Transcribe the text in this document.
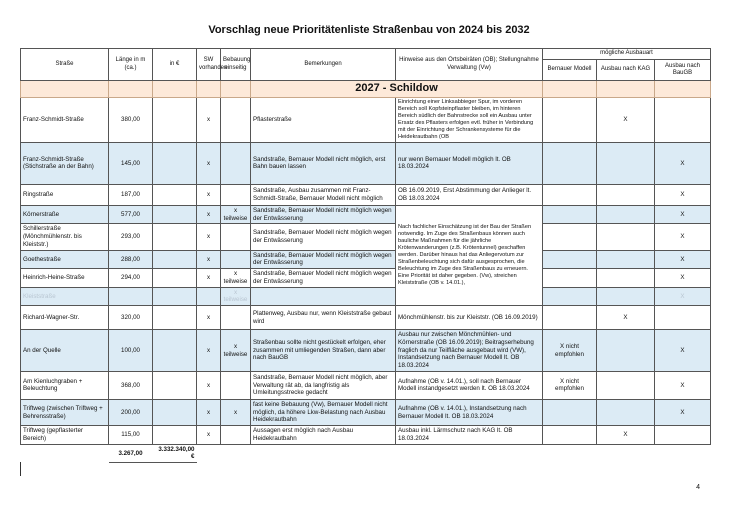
Vorschlag neue Prioritätenliste Straßenbau von 2024 bis 2032
Straße	Länge in m (ca.)	in €	SW vorhanden	Bebauung einseitig	Bemerkungen	Hinweise aus den Ortsbeiräten (OB); Stellungnahme Verwaltung (Vw)	mögliche Ausbauart		
							Bernauer Modell	Ausbau nach KAG	Ausbau nach BauGB
					2027 - Schildow				
Franz-Schmidt-Straße	380,00		x		Pflasterstraße	Einrichtung einer Linksabbieger Spur, im vorderen Bereich soll Kopfsteinpflaster bleiben, im hinteren Bereich südlich der Bahnstrecke soll ein Ausbau unter Ersatz des Pflasters erfolgen evtl. früher in Verbindung mit der Einrichtung der Schrankensysteme für die Heidekrautbahn (OB		X	
Franz-Schmidt-Straße (Stichstraße an der Bahn)	145,00		x		Sandstraße, Bernauer Modell nicht möglich, erst Bahn bauen lassen	nur wenn Bernauer Modell möglich lt. OB 18.03.2024			X
Ringstraße	187,00		x		Sandstraße, Ausbau zusammen mit Franz-Schmidt-Straße, Bernauer Modell nicht möglich	OB 16.09.2019, Erst Abstimmung der Anlieger lt. OB 18.03.2024			X
Körnerstraße	577,00		x	x teilweise	Sandstraße, Bernauer Modell nicht möglich wegen der Entwässerung	Nach fachlicher Einschätzung ist der Bau der Straßen notwendig. Im Zuge des Straßenbaus können auch bauliche Maßnahmen für die jährliche Krötenwanderungen (z.B. Krötentunnel) geschaffen werden. Darüber hinaus hat das Anliegervotum zur Straßenbeleuchtung sich dafür ausgesprochen, die Beleuchtung im Zuge des Straßenbaus zu erneuern. Eine Priorität ist daher gegeben. (Vw), streichen Kleiststraße (OB v. 14.01.),			X
Schillerstraße (Mönchmühlenstr. bis Kleiststr.)	293,00		x		Sandstraße, Bernauer Modell nicht möglich wegen der Entwässerung				X
Goethestraße	288,00		x		Sandstraße, Bernauer Modell nicht möglich wegen der Entwässerung				X
Heinrich-Heine-Straße	294,00		x	x teilweise	Sandstraße, Bernauer Modell nicht möglich wegen der Entwässerung				X
Kleiststraße				x teilweise					X
Richard-Wagner-Str.	320,00		x		Plattenweg, Ausbau nur, wenn Kleiststraße gebaut wird	Mönchmühlenstr. bis zur Kleiststr. (OB 16.09.2019)		X	
An der Quelle	100,00		x	x teilweise	Straßenbau sollte nicht gestückelt erfolgen, eher zusammen mit umliegenden Straßen, dann aber nach BauGB	Ausbau nur zwischen Mönchmühlen- und Körnerstraße (OB 16.09.2019); Beitragserhebung fraglich da nur Teilfläche ausgebaut wird (VW), Instandsetzung nach Bernauer Modell lt. OB 18.03.2024	X nicht empfohlen		X
Am Kienluchgraben + Beleuchtung	368,00		x		Sandstraße, Bernauer Modell nicht möglich, aber Verwaltung rät ab, da langfristig als Umleitungsstrecke gedacht	Aufnahme (OB v. 14.01.), soll nach Bernauer Modell instandgesetzt werden lt. OB 18.03.2024	X nicht empfohlen		X
Triftweg (zwischen Triftweg + Behrensstraße)	200,00		x	x	fast keine Bebauung (Vw), Bernauer Modell nicht möglich, da höhere Lkw-Belastung nach Ausbau Heidekrautbahn	Aufnahme (OB v. 14.01.), Instandsetzung nach Bernauer Modell lt. OB 18.03.2024			X
Triftweg (gepflasterter Bereich)	115,00		x		Aussagen erst möglich nach Ausbau Heidekrautbahn	Ausbau inkl. Lärmschutz nach KAG lt. OB 18.03.2024		X	
	3.267,00	3.332.340,00 €							
4
